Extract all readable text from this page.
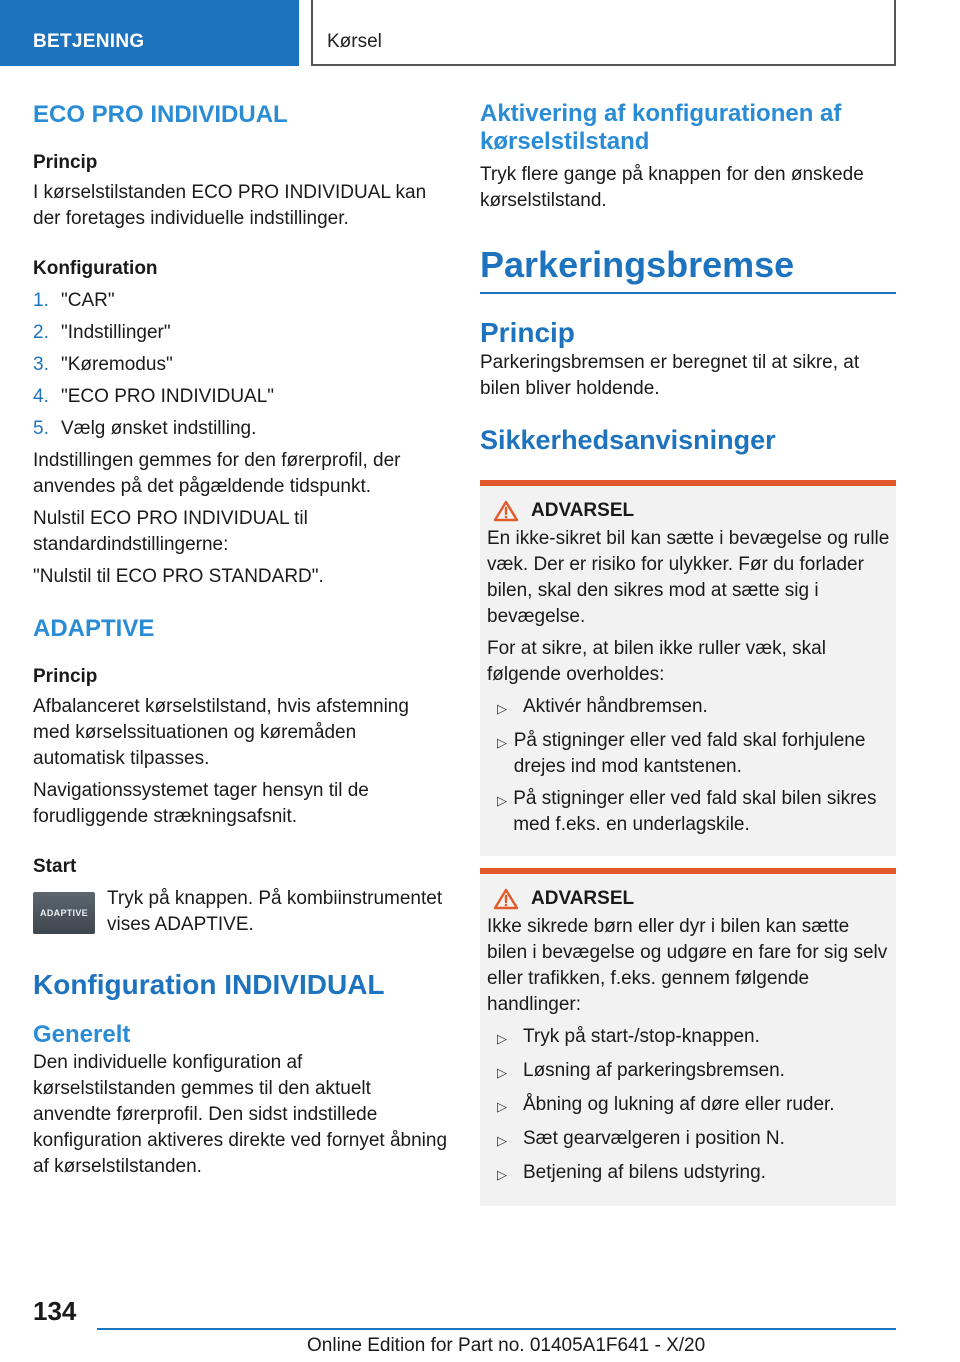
BETJENING	Kørsel
ECO PRO INDIVIDUAL
Princip
I kørselstilstanden ECO PRO INDIVIDUAL kan der foretages individuelle indstillinger.
Konfiguration
1. "CAR"
2. "Indstillinger"
3. "Køremodus"
4. "ECO PRO INDIVIDUAL"
5. Vælg ønsket indstilling.
Indstillingen gemmes for den førerprofil, der anvendes på det pågældende tidspunkt.
Nulstil ECO PRO INDIVIDUAL til standardindstillingerne:
"Nulstil til ECO PRO STANDARD".
ADAPTIVE
Princip
Afbalanceret kørselstilstand, hvis afstemning med kørselssituationen og køremåden automatisk tilpasses.
Navigationssystemet tager hensyn til de forudliggende strækningsafsnit.
Start
ADAPTIVE
Tryk på knappen. På kombiinstrumentet vises ADAPTIVE.
Konfiguration INDIVIDUAL
Generelt
Den individuelle konfiguration af kørselstilstanden gemmes til den aktuelt anvendte førerprofil. Den sidst indstillede konfiguration aktiveres direkte ved fornyet åbning af kørselstilstanden.
Aktivering af konfigurationen af kørselstilstand
Tryk flere gange på knappen for den ønskede kørselstilstand.
Parkeringsbremse
Princip
Parkeringsbremsen er beregnet til at sikre, at bilen bliver holdende.
Sikkerhedsanvisninger
ADVARSEL
En ikke-sikret bil kan sætte i bevægelse og rulle væk. Der er risiko for ulykker. Før du forlader bilen, skal den sikres mod at sætte sig i bevægelse.
For at sikre, at bilen ikke ruller væk, skal følgende overholdes:
▷ Aktivér håndbremsen.
▷ På stigninger eller ved fald skal forhjulene drejes ind mod kantstenen.
▷ På stigninger eller ved fald skal bilen sikres med f.eks. en underlagskile.
ADVARSEL
Ikke sikrede børn eller dyr i bilen kan sætte bilen i bevægelse og udgøre en fare for sig selv eller trafikken, f.eks. gennem følgende handlinger:
▷ Tryk på start-/stop-knappen.
▷ Løsning af parkeringsbremsen.
▷ Åbning og lukning af døre eller ruder.
▷ Sæt gearvælgeren i position N.
▷ Betjening af bilens udstyring.
134
Online Edition for Part no. 01405A1F641 - X/20
